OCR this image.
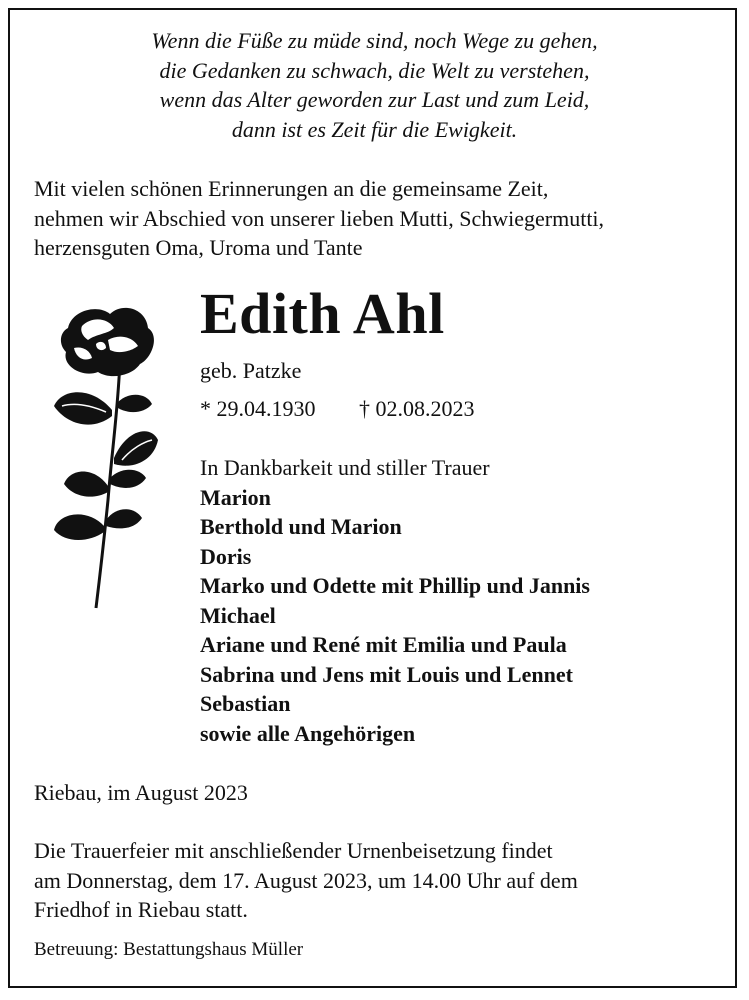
Wenn die Füße zu müde sind, noch Wege zu gehen,
die Gedanken zu schwach, die Welt zu verstehen,
wenn das Alter geworden zur Last und zum Leid,
dann ist es Zeit für die Ewigkeit.
Mit vielen schönen Erinnerungen an die gemeinsame Zeit,
nehmen wir Abschied von unserer lieben Mutti, Schwiegermutti,
herzensguten Oma, Uroma und Tante
Edith Ahl
geb. Patzke
* 29.04.1930 † 02.08.2023
In Dankbarkeit und stiller Trauer
Marion
Berthold und Marion
Doris
Marko und Odette mit Phillip und Jannis
Michael
Ariane und René mit Emilia und Paula
Sabrina und Jens mit Louis und Lennet
Sebastian
sowie alle Angehörigen
Riebau, im August 2023
Die Trauerfeier mit anschließender Urnenbeisetzung findet
am Donnerstag, dem 17. August 2023, um 14.00 Uhr auf dem
Friedhof in Riebau statt.
Betreuung: Bestattungshaus Müller
